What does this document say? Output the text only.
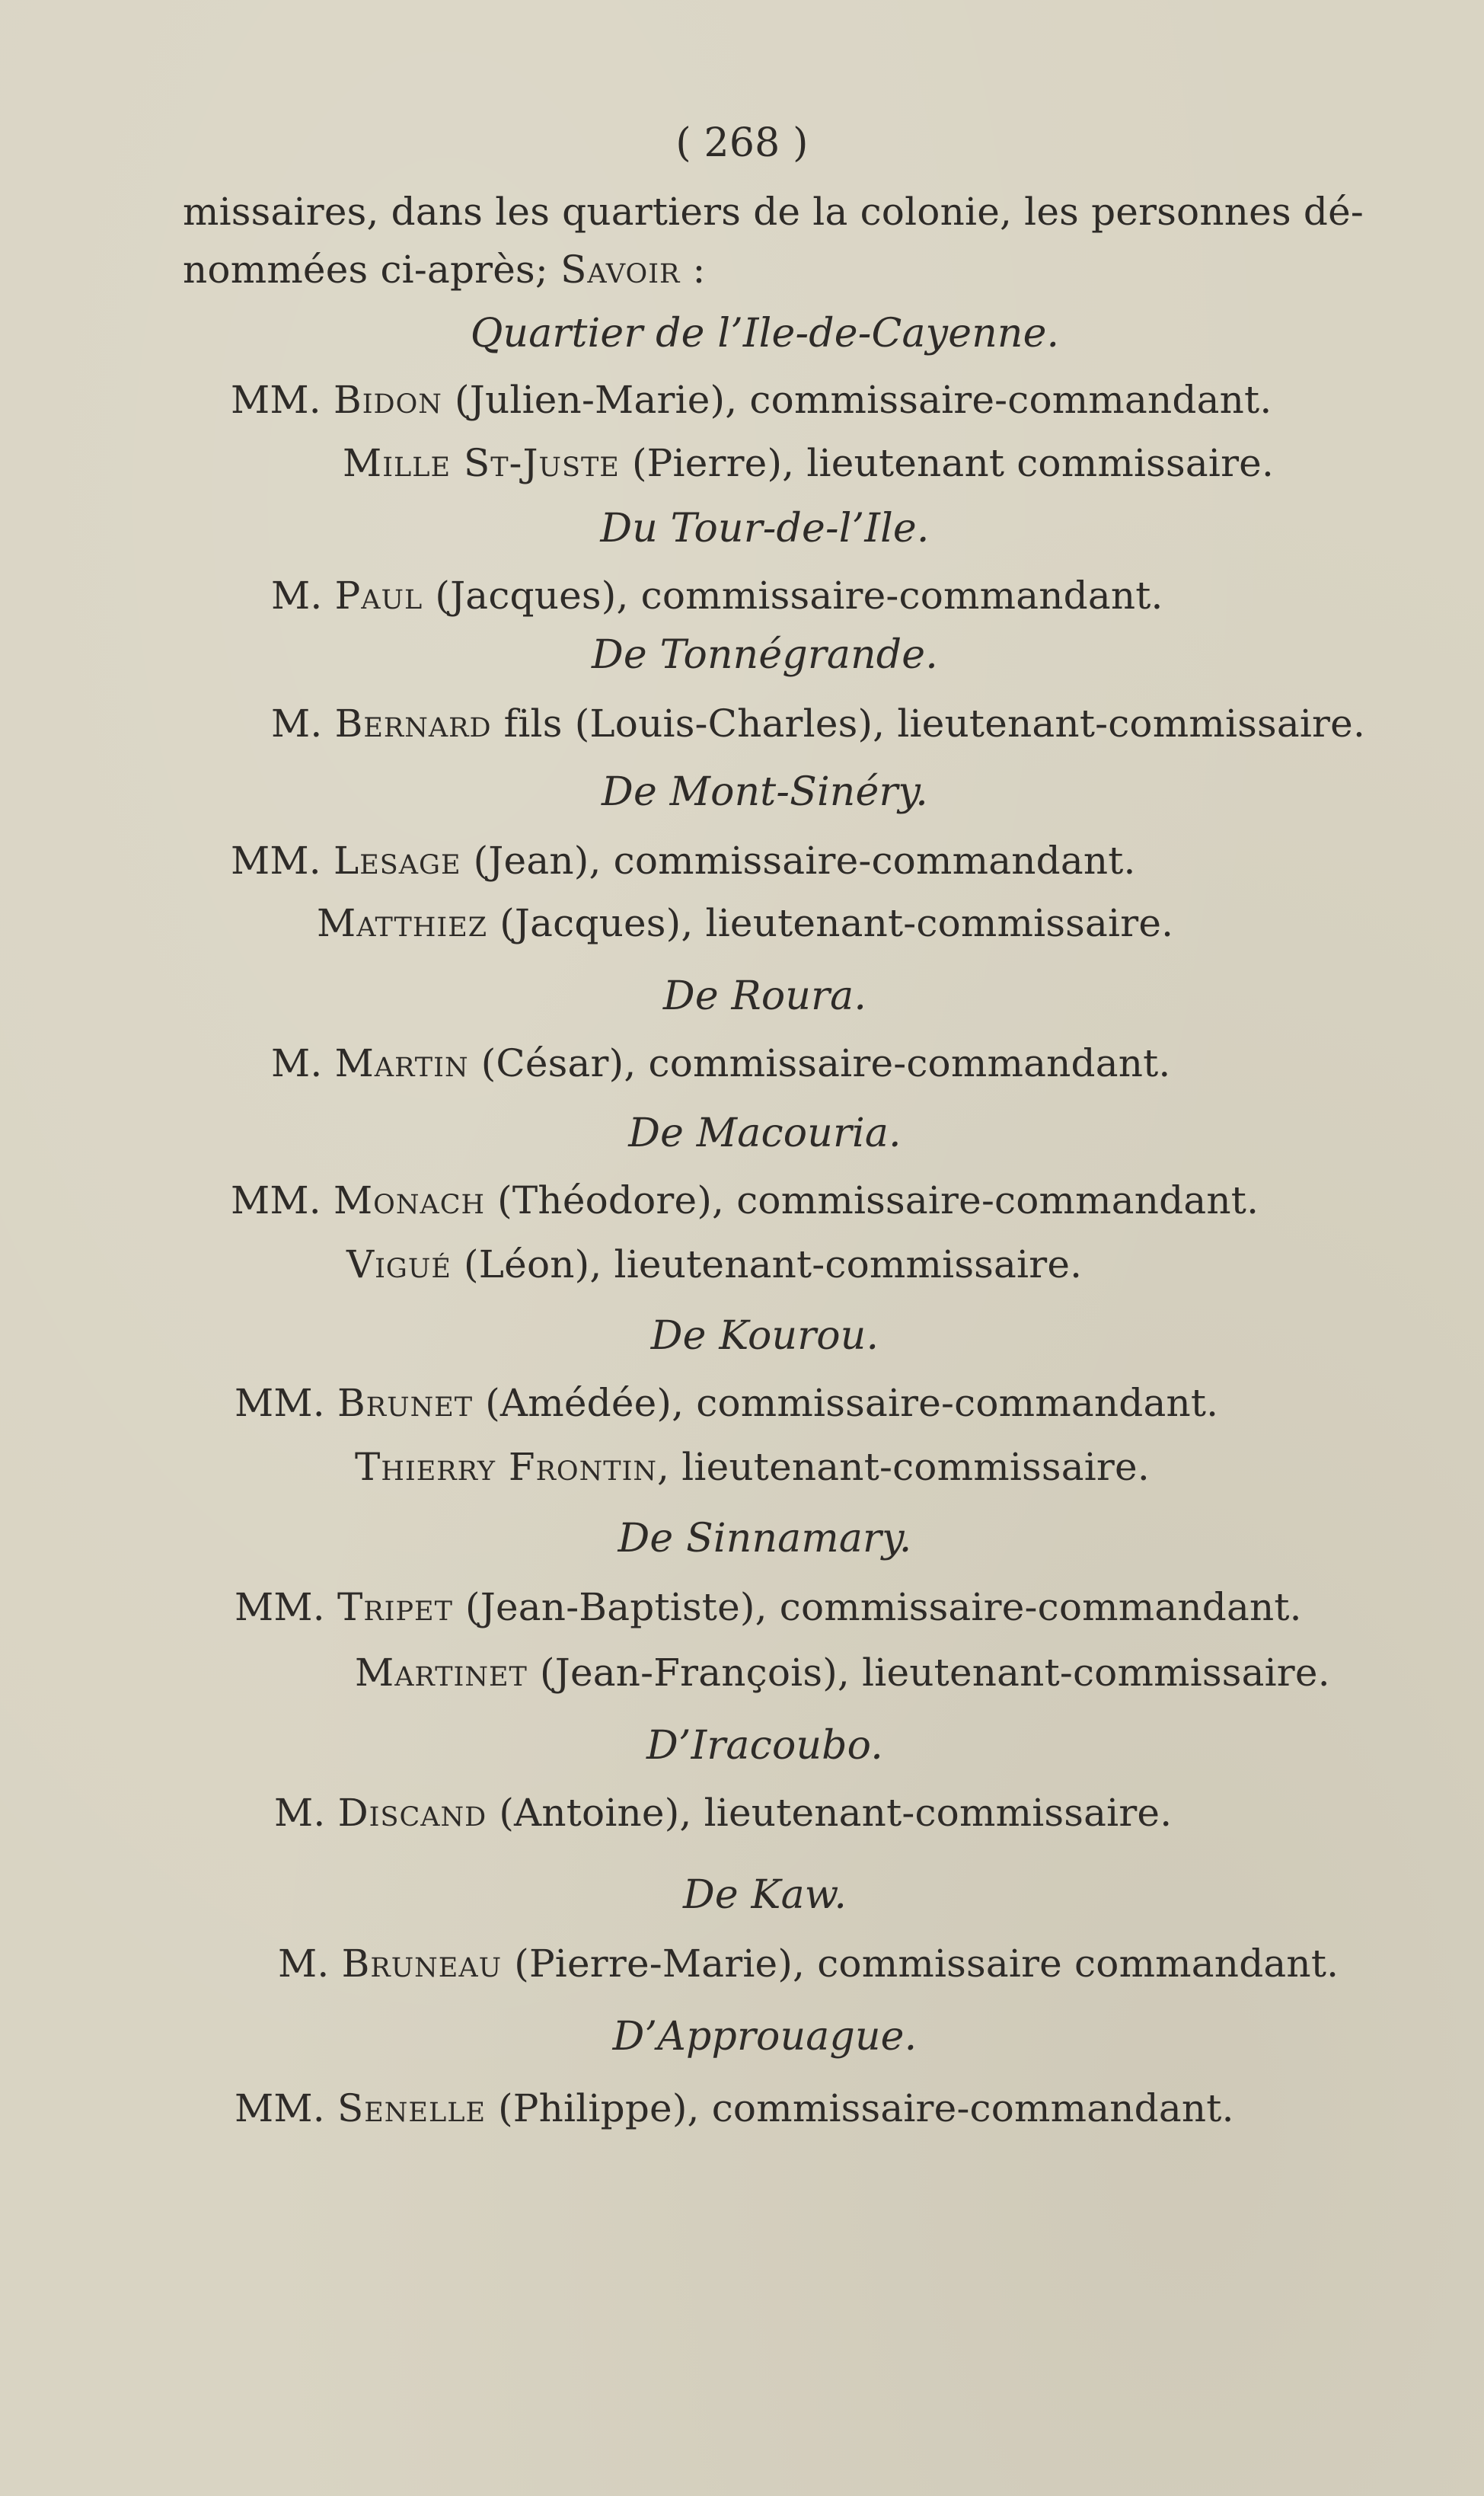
( 268 )
missaires, dans les quartiers de la colonie, les personnes dé-
nommées ci-après; Savoir :
Quartier de l’Ile-de-Cayenne.
MM. Bidon (Julien-Marie), commissaire-commandant.
Mille St-Juste (Pierre), lieutenant commissaire.
Du Tour-de-l’Ile.
M. Paul (Jacques), commissaire-commandant.
De Tonnégrande.
M. Bernard fils (Louis-Charles), lieutenant-commissaire.
De Mont-Sinéry.
MM. Lesage (Jean), commissaire-commandant.
Matthiez (Jacques), lieutenant-commissaire.
De Roura.
M. Martin (César), commissaire-commandant.
De Macouria.
MM. Monach (Théodore), commissaire-commandant.
Vigué (Léon), lieutenant-commissaire.
De Kourou.
MM. Brunet (Amédée), commissaire-commandant.
Thierry Frontin, lieutenant-commissaire.
De Sinnamary.
MM. Tripet (Jean-Baptiste), commissaire-commandant.
Martinet (Jean-François), lieutenant-commissaire.
D’Iracoubo.
M. Discand (Antoine), lieutenant-commissaire.
De Kaw.
M. Bruneau (Pierre-Marie), commissaire commandant.
D’Approuague.
MM. Senelle (Philippe), commissaire-commandant.
